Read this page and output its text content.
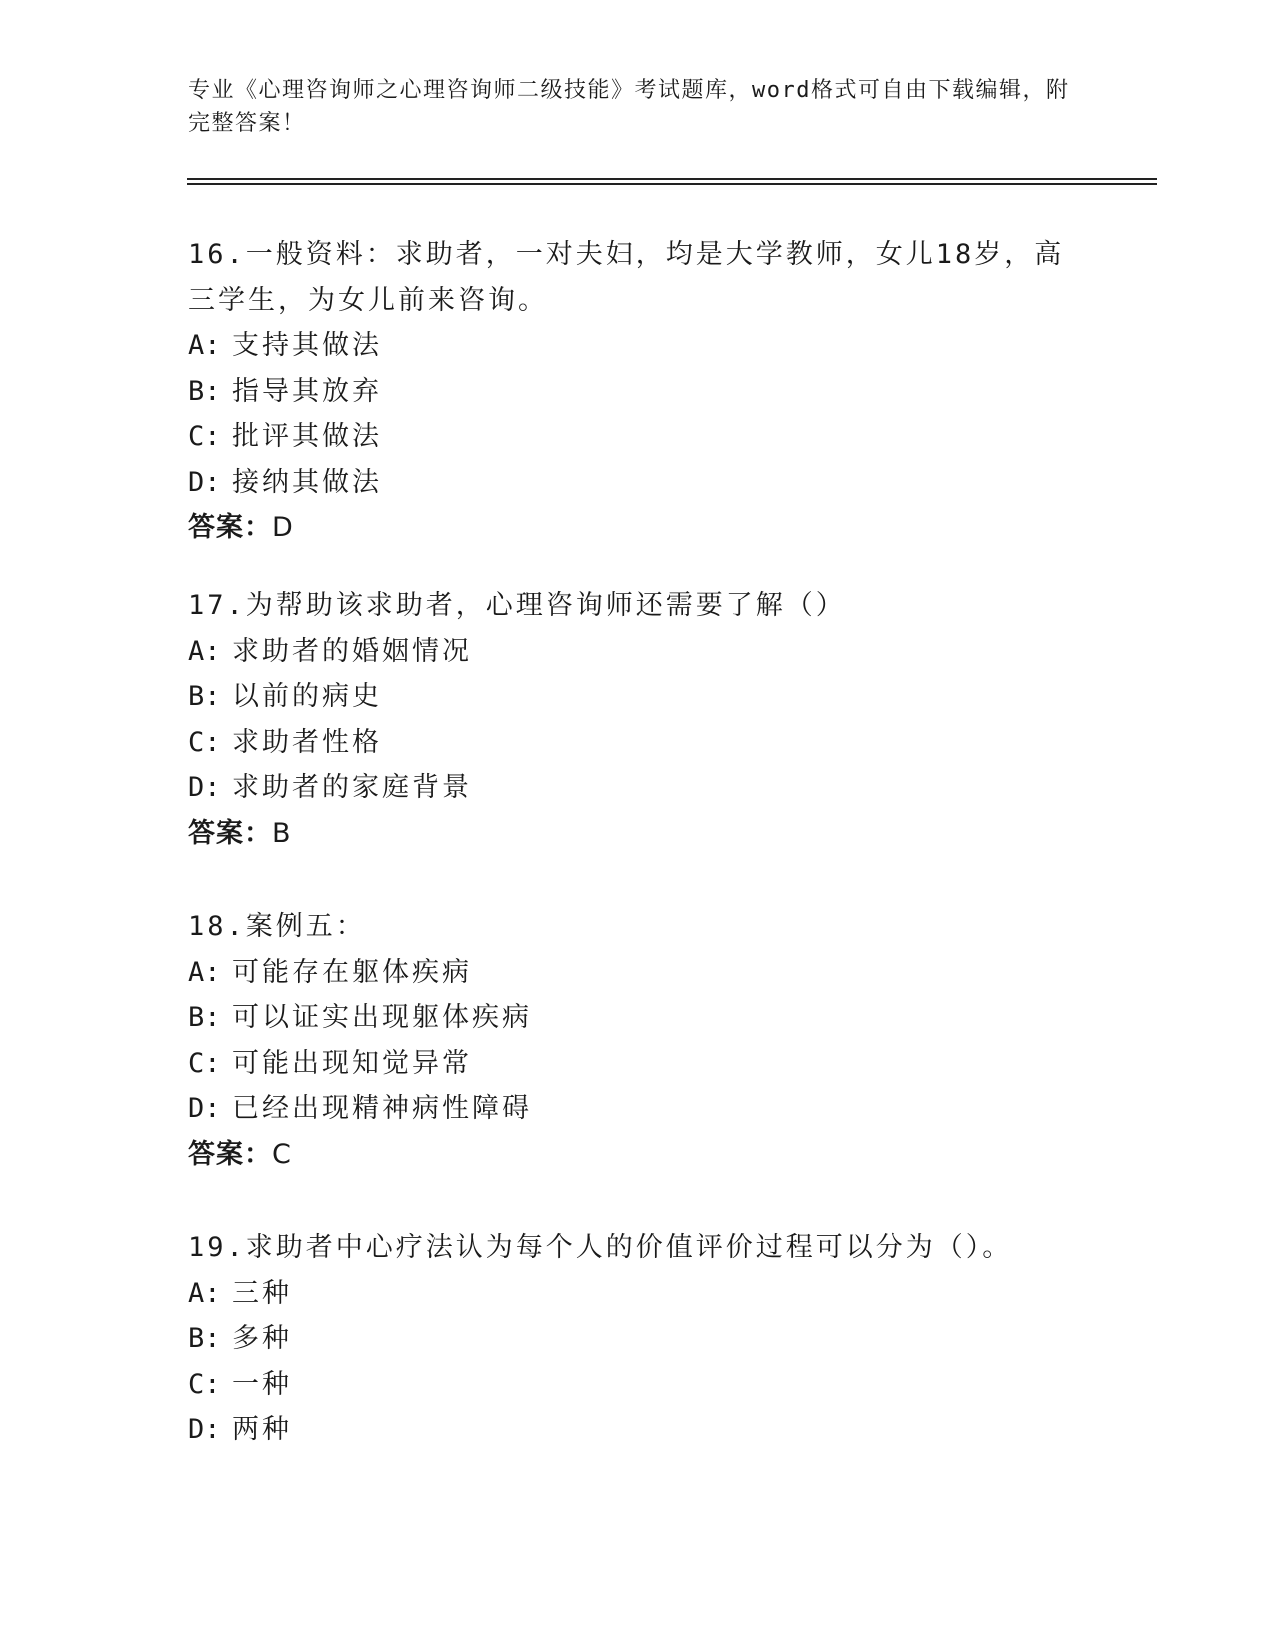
专业《心理咨询师之心理咨询师二级技能》考试题库，word格式可自由下载编辑，附完整答案！

16.一般资料：求助者，一对夫妇，均是大学教师，女儿18岁，高三学生，为女儿前来咨询。

A: 支持其做法

B: 指导其放弃

C: 批评其做法

D: 接纳其做法

答案：D

17.为帮助该求助者，心理咨询师还需要了解（）

A: 求助者的婚姻情况

B: 以前的病史

C: 求助者性格

D: 求助者的家庭背景

答案：B

18.案例五：

A: 可能存在躯体疾病

B: 可以证实出现躯体疾病

C: 可能出现知觉异常

D: 已经出现精神病性障碍

答案：C

19.求助者中心疗法认为每个人的价值评价过程可以分为（）。

A: 三种

B: 多种

C: 一种

D: 两种
